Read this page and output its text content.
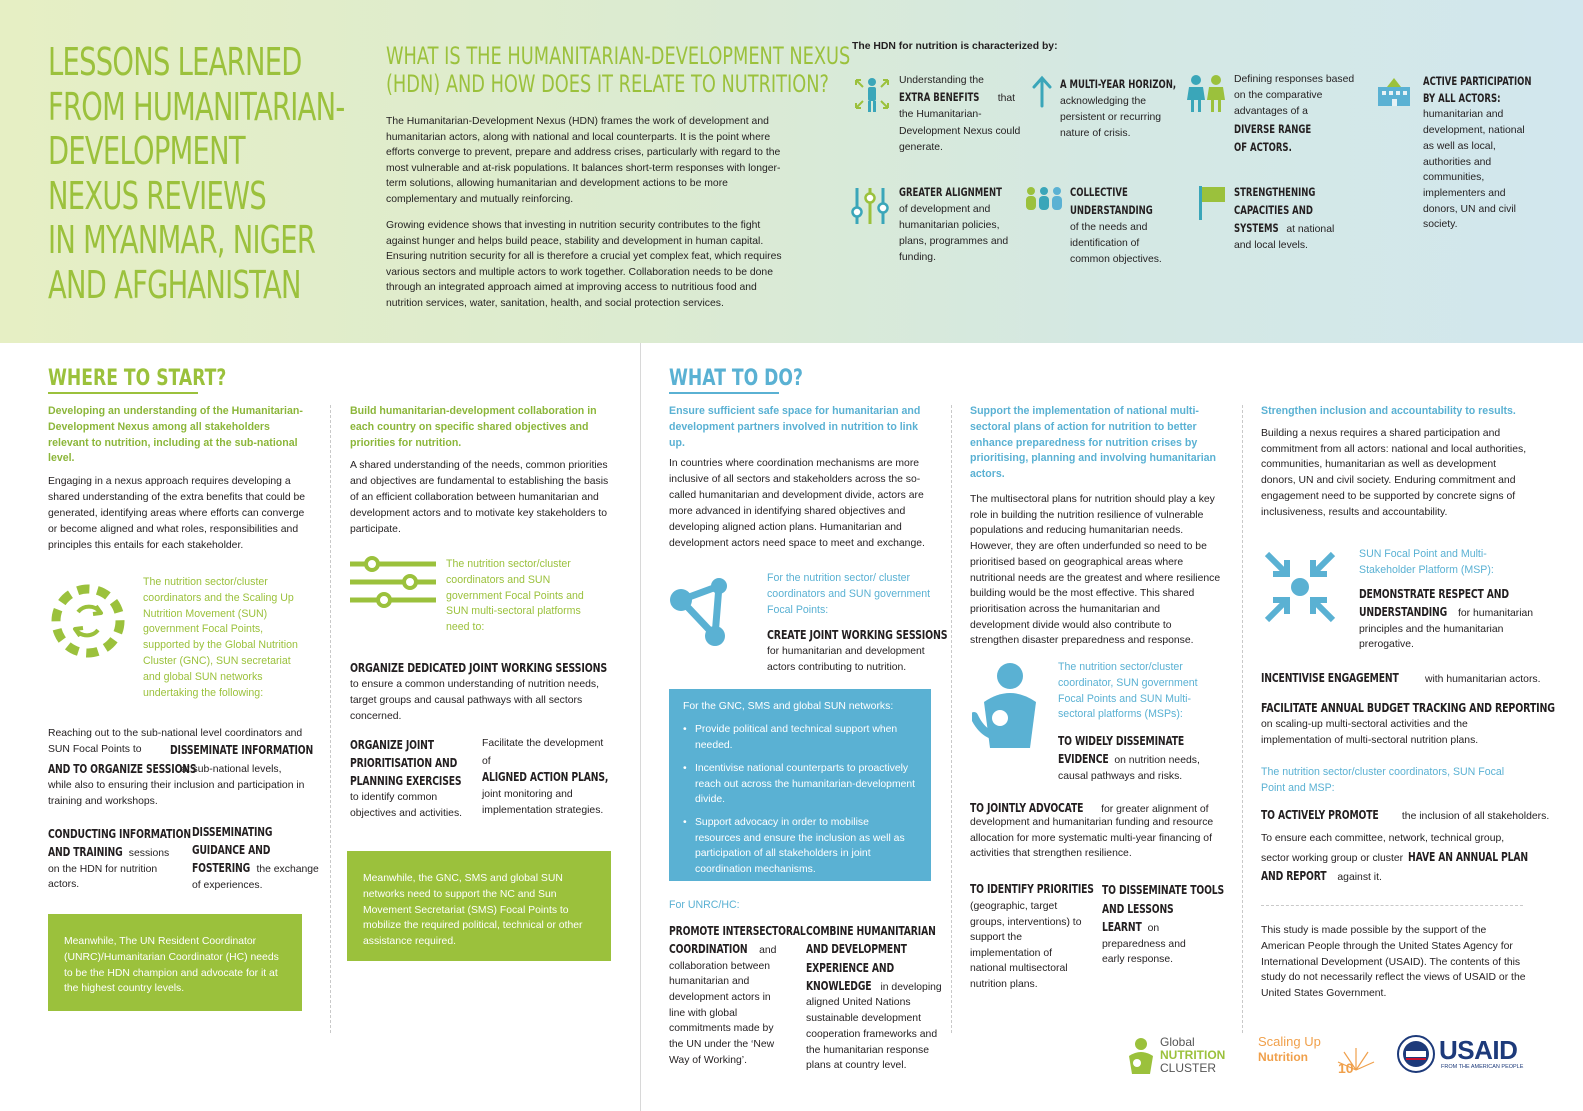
LESSONS LEARNED
FROM HUMANITARIAN-
DEVELOPMENT
NEXUS REVIEWS
IN MYANMAR, NIGER
AND AFGHANISTAN
WHAT IS THE HUMANITARIAN-DEVELOPMENT NEXUS
(HDN) AND HOW DOES IT RELATE TO NUTRITION?
The Humanitarian-Development Nexus (HDN) frames the work of development and humanitarian actors, along with national and local counterparts. It is the point where efforts converge to prevent, prepare and address crises, particularly with regard to the most vulnerable and at-risk populations. It balances short-term responses with longer-term solutions, allowing humanitarian and development actions to be more complementary and mutually reinforcing.
Growing evidence shows that investing in nutrition security contributes to the fight against hunger and helps build peace, stability and development in human capital. Ensuring nutrition security for all is therefore a crucial yet complex feat, which requires various sectors and multiple actors to work together. Collaboration needs to be done through an integrated approach aimed at improving access to nutritious food and nutrition services, water, sanitation, health, and social protection services.
The HDN for nutrition is characterized by:
Understanding the
EXTRA BENEFITS that
the Humanitarian-Development Nexus could generate.
A MULTI-YEAR HORIZON,
acknowledging the persistent or recurring nature of crisis.
Defining responses based on the comparative advantages of a
DIVERSE RANGE
OF ACTORS.
ACTIVE PARTICIPATION
BY ALL ACTORS:
humanitarian and development, national as well as local, authorities and communities, implementers and donors, UN and civil society.
GREATER ALIGNMENT
of development and humanitarian policies, plans, programmes and funding.
COLLECTIVE
UNDERSTANDING
of the needs and identification of common objectives.
STRENGTHENING
CAPACITIES AND
SYSTEMS at national
and local levels.
WHERE TO START?
Developing an understanding of the Humanitarian-Development Nexus among all stakeholders relevant to nutrition, including at the sub-national level.
Engaging in a nexus approach requires developing a shared understanding of the extra benefits that could be generated, identifying areas where efforts can converge or become aligned and what roles, responsibilities and principles this entails for each stakeholder.
The nutrition sector/cluster coordinators and the Scaling Up Nutrition Movement (SUN) government Focal Points, supported by the Global Nutrition Cluster (GNC), SUN secretariat and global SUN networks undertaking the following:
Reaching out to the sub-national level coordinators and SUN Focal Points to	DISSEMINATE INFORMATION
AND TO ORGANIZE SESSIONS
at sub-national levels,
while also to ensuring their inclusion and participation in training and workshops.
CONDUCTING INFORMATION
AND TRAINING sessions
on the HDN for nutrition actors.
DISSEMINATING
GUIDANCE AND
FOSTERING the exchange
of experiences.
Meanwhile, The UN Resident Coordinator (UNRC)/Humanitarian Coordinator (HC) needs to be the HDN champion and advocate for it at the highest country levels.
Build humanitarian-development collaboration in each country on specific shared objectives and priorities for nutrition.
A shared understanding of the needs, common priorities and objectives are fundamental to establishing the basis of an efficient collaboration between humanitarian and development actors and to motivate key stakeholders to participate.
The nutrition sector/cluster coordinators and SUN government Focal Points and SUN multi-sectoral platforms need to:
ORGANIZE DEDICATED JOINT WORKING SESSIONS
to ensure a common understanding of nutrition needs, target groups and causal pathways with all sectors concerned.
ORGANIZE JOINT
PRIORITISATION AND
PLANNING EXERCISES
to identify common objectives and activities.
Facilitate the development
of ALIGNED ACTION PLANS,
joint monitoring and implementation strategies.
Meanwhile, the GNC, SMS and global SUN networks need to support the NC and Sun Movement Secretariat (SMS) Focal Points to mobilize the required political, technical or other assistance required.
WHAT TO DO?
Ensure sufficient safe space for humanitarian and development partners involved in nutrition to link up.
In countries where coordination mechanisms are more inclusive of all sectors and stakeholders across the so-called humanitarian and development divide, actors are more advanced in identifying shared objectives and developing aligned action plans. Humanitarian and development actors need space to meet and exchange.
For the nutrition sector/ cluster coordinators and SUN government Focal Points:
CREATE JOINT WORKING SESSIONS
for humanitarian and development actors contributing to nutrition.
For the GNC, SMS and global SUN networks:
• Provide political and technical support when needed.
• Incentivise national counterparts to proactively reach out across the humanitarian-development divide.
• Support advocacy in order to mobilise resources and ensure the inclusion as well as participation of all stakeholders in joint coordination mechanisms.
For UNRC/HC:
PROMOTE INTERSECTORAL
COORDINATION and
collaboration between humanitarian and development actors in line with global commitments made by the UN under the ‘New Way of Working’.
COMBINE HUMANITARIAN
AND DEVELOPMENT
EXPERIENCE AND
KNOWLEDGE in developing
aligned United Nations sustainable development cooperation frameworks and the humanitarian response plans at country level.
Support the implementation of national multi-sectoral plans of action for nutrition to better enhance preparedness for nutrition crises by prioritising, planning and involving humanitarian actors.
The multisectoral plans for nutrition should play a key role in building the nutrition resilience of vulnerable populations and reducing humanitarian needs. However, they are often underfunded so need to be prioritised based on geographical areas where nutritional needs are the greatest and where resilience building would be the most effective. This shared prioritisation across the humanitarian and development divide would also contribute to strengthen disaster preparedness and response.
The nutrition sector/cluster coordinator, SUN government Focal Points and SUN Multi-sectoral platforms (MSPs):
TO WIDELY DISSEMINATE
EVIDENCE on nutrition needs,
causal pathways and risks.
TO JOINTLY ADVOCATE for greater alignment of
development and humanitarian funding and resource allocation for more systematic multi-year financing of activities that strengthen resilience.
TO IDENTIFY PRIORITIES
(geographic, target groups, interventions) to support the implementation of national multisectoral nutrition plans.
TO DISSEMINATE TOOLS
AND LESSONS
LEARNT on
preparedness and early response.
Strengthen inclusion and accountability to results.
Building a nexus requires a shared participation and commitment from all actors: national and local authorities, communities, humanitarian as well as development donors, UN and civil society. Enduring commitment and engagement need to be supported by concrete signs of inclusiveness, results and accountability.
SUN Focal Point and Multi-Stakeholder Platform (MSP):
DEMONSTRATE RESPECT AND
UNDERSTANDING for humanitarian
principles and the humanitarian prerogative.
INCENTIVISE ENGAGEMENT	with humanitarian actors.
FACILITATE ANNUAL BUDGET TRACKING AND REPORTING
on scaling-up multi-sectoral activities and the implementation of multi-sectoral nutrition plans.
The nutrition sector/cluster coordinators, SUN Focal Point and MSP:
TO ACTIVELY PROMOTE the inclusion of all stakeholders.
To ensure each committee, network, technical group,
sector working group or cluster HAVE AN ANNUAL PLAN
AND REPORT against it.
This study is made possible by the support of the American People through the United States Agency for International Development (USAID). The contents of this study do not necessarily reflect the views of USAID or the United States Government.
Global
NUTRITION
CLUSTER
Scaling Up
Nutrition
10
USAID
FROM THE AMERICAN PEOPLE
